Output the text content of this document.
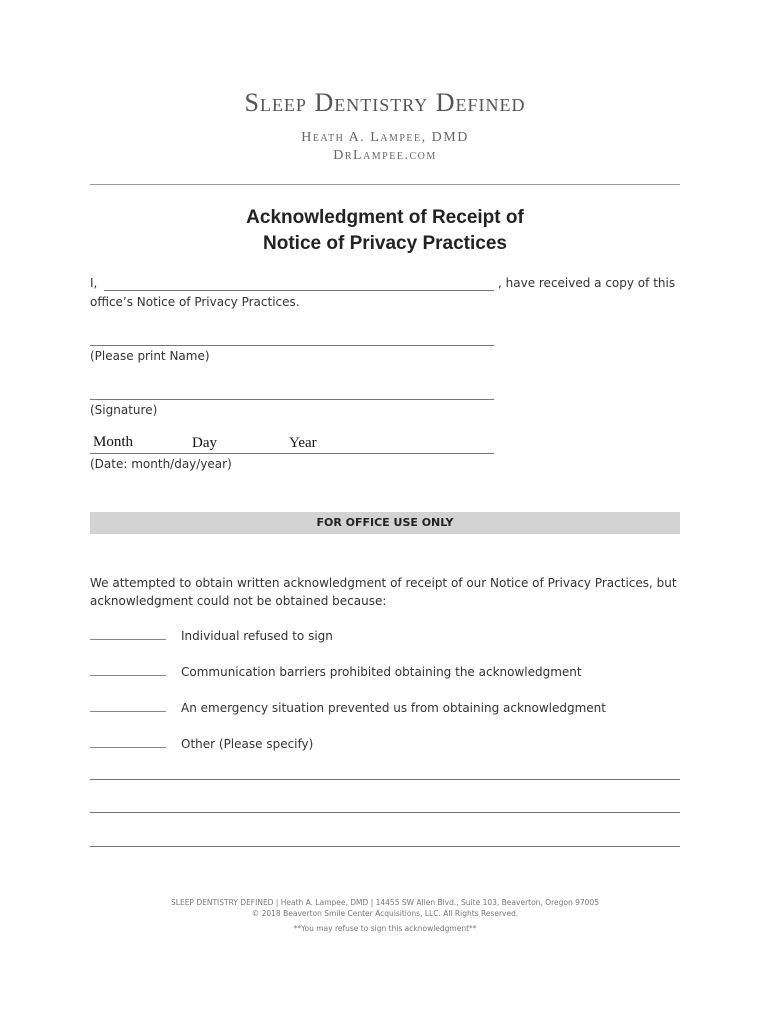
Sleep Dentistry Defined
Heath A. Lampee, DMD
DrLampee.com
Acknowledgment of Receipt of
Notice of Privacy Practices
I,	, have received a copy of this
office’s Notice of Privacy Practices.
(Please print Name)
(Signature)
Month	Day	Year
(Date: month/day/year)
FOR OFFICE USE ONLY
We attempted to obtain written acknowledgment of receipt of our Notice of Privacy Practices, but
acknowledgment could not be obtained because:
Individual refused to sign
Communication barriers prohibited obtaining the acknowledgment
An emergency situation prevented us from obtaining acknowledgment
Other (Please specify)
SLEEP DENTISTRY DEFINED | Heath A. Lampee, DMD | 14455 SW Allen Blvd., Suite 103, Beaverton, Oregon 97005
© 2018 Beaverton Smile Center Acquisitions, LLC. All Rights Reserved.
**You may refuse to sign this acknowledgment**
